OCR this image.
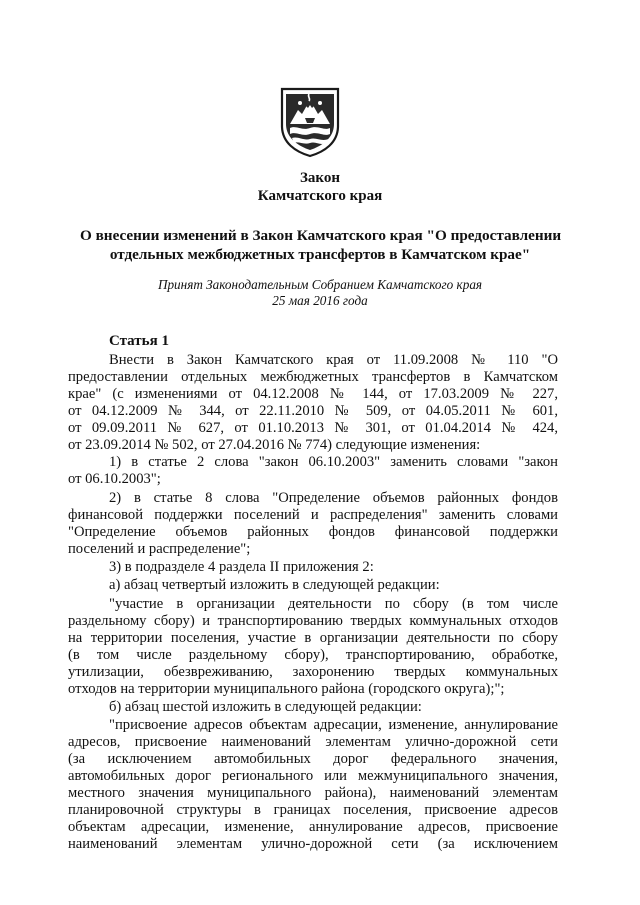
Закон
Камчатского края
О внесении изменений в Закон Камчатского края "О предоставлении
отдельных межбюджетных трансфертов в Камчатском крае"
Принят Законодательным Собранием Камчатского края
25 мая 2016 года
Статья 1
Внести в Закон Камчатского края от 11.09.2008 № 110 "О
предоставлении отдельных межбюджетных трансфертов в Камчатском
крае" (с изменениями от 04.12.2008 № 144, от 17.03.2009 № 227,
от 04.12.2009 № 344, от 22.11.2010 № 509, от 04.05.2011 № 601,
от 09.09.2011 № 627, от 01.10.2013 № 301, от 01.04.2014 № 424,
от 23.09.2014 № 502, от 27.04.2016 № 774) следующие изменения:
1) в статье 2 слова "закон 06.10.2003" заменить словами "закон
от 06.10.2003";
2) в статье 8 слова "Определение объемов районных фондов
финансовой поддержки поселений и распределения" заменить словами
"Определение объемов районных фондов финансовой поддержки
поселений и распределение";
3) в подразделе 4 раздела II приложения 2:
а) абзац четвертый изложить в следующей редакции:
"участие в организации деятельности по сбору (в том числе
раздельному сбору) и транспортированию твердых коммунальных отходов
на территории поселения, участие в организации деятельности по сбору
(в том числе раздельному сбору), транспортированию, обработке,
утилизации, обезвреживанию, захоронению твердых коммунальных
отходов на территории муниципального района (городского округа);";
б) абзац шестой изложить в следующей редакции:
"присвоение адресов объектам адресации, изменение, аннулирование
адресов, присвоение наименований элементам улично-дорожной сети
(за исключением автомобильных дорог федерального значения,
автомобильных дорог регионального или межмуниципального значения,
местного значения муниципального района), наименований элементам
планировочной структуры в границах поселения, присвоение адресов
объектам адресации, изменение, аннулирование адресов, присвоение
наименований элементам улично-дорожной сети (за исключением
